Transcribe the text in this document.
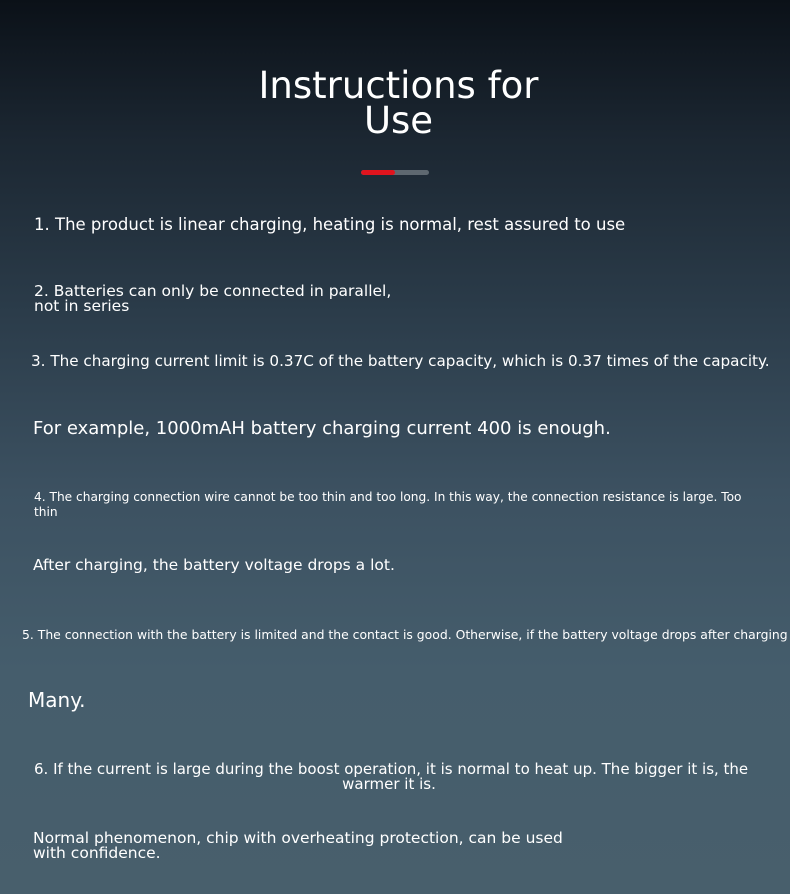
Instructions for
Use

1. The product is linear charging, heating is normal, rest assured to use

2. Batteries can only be connected in parallel,
not in series

3. The charging current limit is 0.37C of the battery capacity, which is 0.37 times of the capacity.

For example, 1000mAH battery charging current 400 is enough.

4. The charging connection wire cannot be too thin and too long. In this way, the connection resistance is large. Too
thin

After charging, the battery voltage drops a lot.

5. The connection with the battery is limited and the contact is good. Otherwise, if the battery voltage drops after charging

Many.

6. If the current is large during the boost operation, it is normal to heat up. The bigger it is, the
warmer it is.

Normal phenomenon, chip with overheating protection, can be used
with confidence.
